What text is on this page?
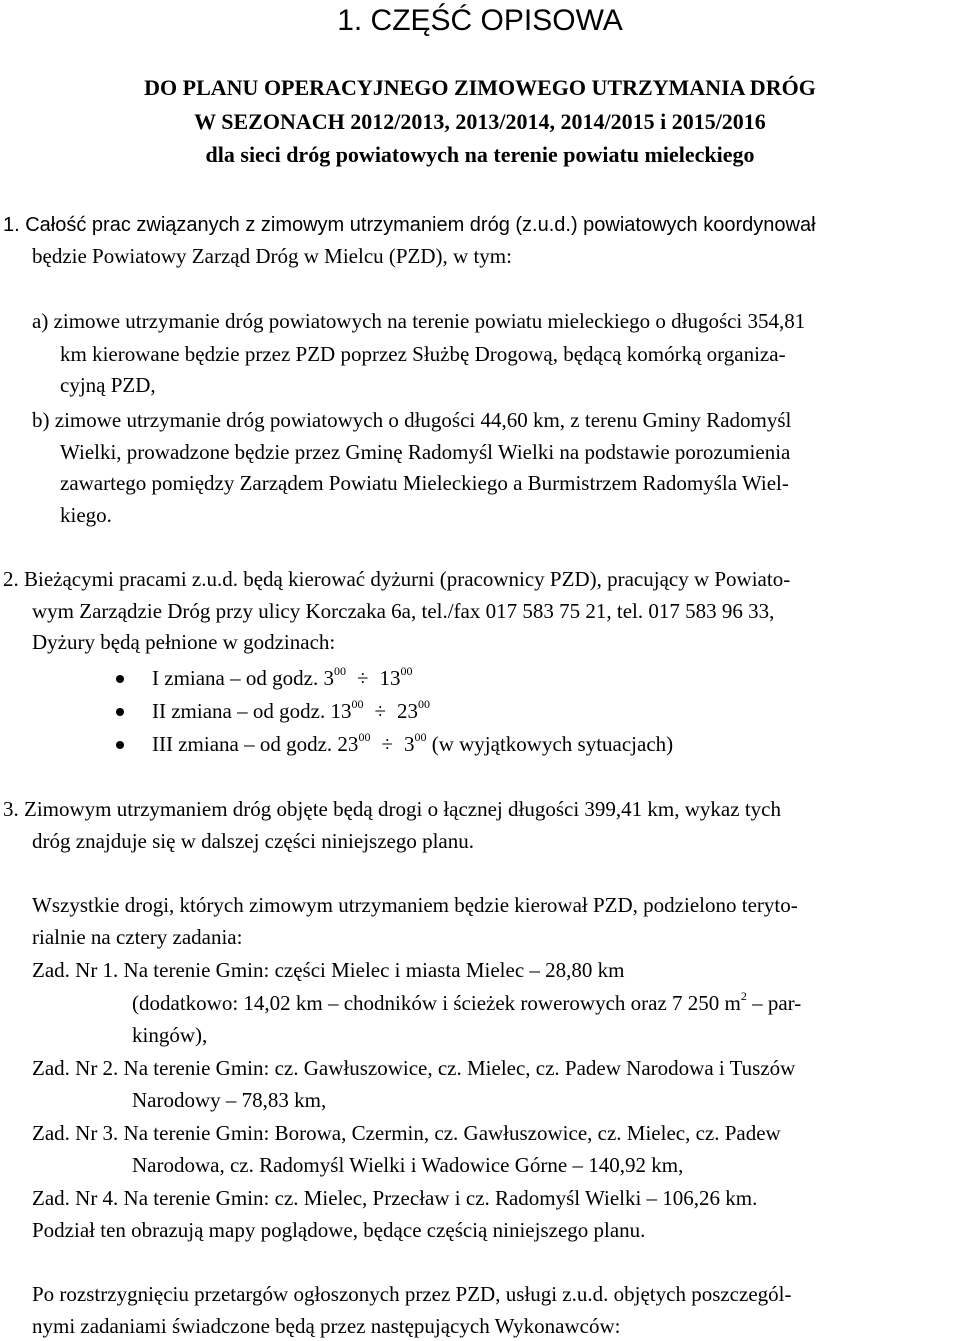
1. CZĘŚĆ OPISOWA
DO PLANU OPERACYJNEGO ZIMOWEGO UTRZYMANIA DRÓG
W SEZONACH 2012/2013, 2013/2014, 2014/2015 i 2015/2016
dla sieci dróg powiatowych na terenie powiatu mieleckiego
1. Całość prac związanych z zimowym utrzymaniem dróg (z.u.d.) powiatowych koordynował
będzie Powiatowy Zarząd Dróg w Mielcu (PZD), w tym:
a) zimowe utrzymanie dróg powiatowych na terenie powiatu mieleckiego o długości 354,81
km kierowane będzie przez PZD poprzez Służbę Drogową, będącą komórką organiza-
cyjną PZD,
b) zimowe utrzymanie dróg powiatowych o długości 44,60 km, z terenu Gminy Radomyśl
Wielki, prowadzone będzie przez Gminę Radomyśl Wielki na podstawie porozumienia
zawartego pomiędzy Zarządem Powiatu Mieleckiego a Burmistrzem Radomyśla Wiel-
kiego.
2. Bieżącymi pracami z.u.d. będą kierować dyżurni (pracownicy PZD), pracujący w Powiato-
wym Zarządzie Dróg przy ulicy Korczaka 6a, tel./fax 017 583 75 21, tel. 017 583 96 33,
Dyżury będą pełnione w godzinach:
I zmiana – od godz. $3^{00} \div 13^{00}$
II zmiana – od godz. $13^{00} \div 23^{00}$
III zmiana – od godz. $23^{00} \div 3^{00}$ (w wyjątkowych sytuacjach)
3. Zimowym utrzymaniem dróg objęte będą drogi o łącznej długości 399,41 km, wykaz tych
dróg znajduje się w dalszej części niniejszego planu.
Wszystkie drogi, których zimowym utrzymaniem będzie kierował PZD, podzielono teryto-
rialnie na cztery zadania:
Zad. Nr 1. Na terenie Gmin: części Mielec i miasta Mielec – 28,80 km
(dodatkowo: 14,02 km – chodników i ścieżek rowerowych oraz 7 250 $m^2 - par-$
kingów),
Zad. Nr 2. Na terenie Gmin: cz. Gawłuszowice, cz. Mielec, cz. Padew Narodowa i Tuszów
Narodowy – 78,83 km,
Zad. Nr 3. Na terenie Gmin: Borowa, Czermin, cz. Gawłuszowice, cz. Mielec, cz. Padew
Narodowa, cz. Radomyśl Wielki i Wadowice Górne – 140,92 km,
Zad. Nr 4. Na terenie Gmin: cz. Mielec, Przecław i cz. Radomyśl Wielki – 106,26 km.
Podział ten obrazują mapy poglądowe, będące częścią niniejszego planu.
Po rozstrzygnięciu przetargów ogłoszonych przez PZD, usługi z.u.d. objętych poszczegól-
nymi zadaniami świadczone będą przez następujących Wykonawców:
